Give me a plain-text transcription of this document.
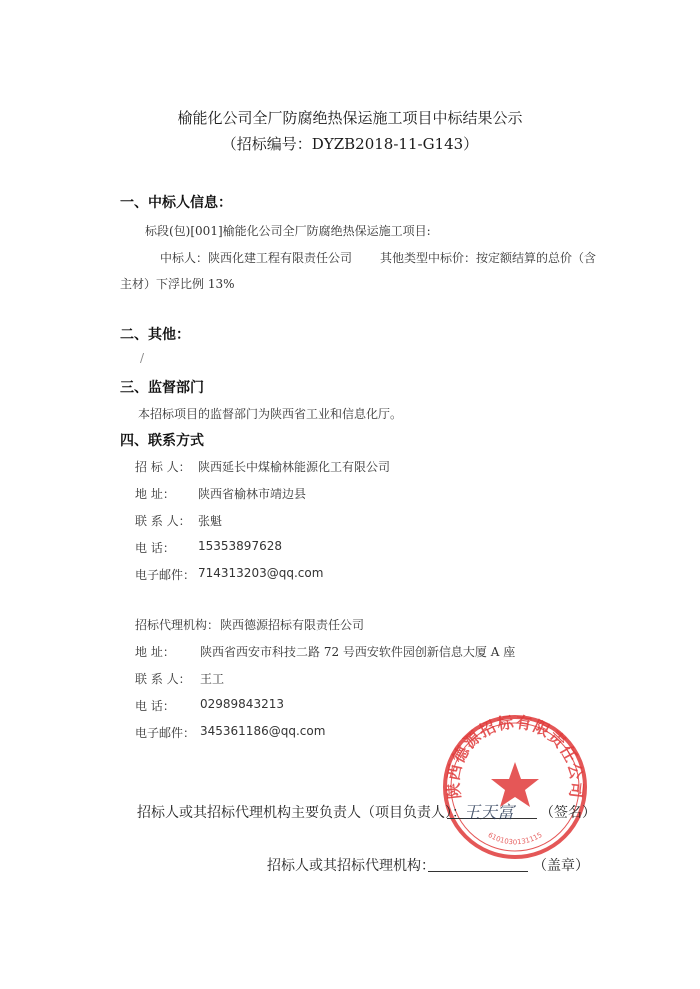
榆能化公司全厂防腐绝热保运施工项目中标结果公示
（招标编号：DYZB2018-11-G143）
一、中标人信息：
标段(包)[001]榆能化公司全厂防腐绝热保运施工项目:
中标人：陕西化建工程有限责任公司 其他类型中标价：按定额结算的总价（含
主材）下浮比例 13%
二、其他：
/
三、监督部门
本招标项目的监督部门为陕西省工业和信息化厅。
四、联系方式
招 标 人： 陕西延长中煤榆林能源化工有限公司
地 址： 陕西省榆林市靖边县
联 系 人： 张魁
电 话： 15353897628
电子邮件： 714313203@qq.com
招标代理机构： 陕西德源招标有限责任公司
地 址： 陕西省西安市科技二路 72 号西安软件园创新信息大厦 A 座
联 系 人： 王工
电 话： 02989843213
电子邮件： 345361186@qq.com
陕西德源招标有限责任公司
6101030131115
招标人或其招标代理机构主要负责人（项目负责人）：	（签名）
王天富
招标人或其招标代理机构：	（盖章）
